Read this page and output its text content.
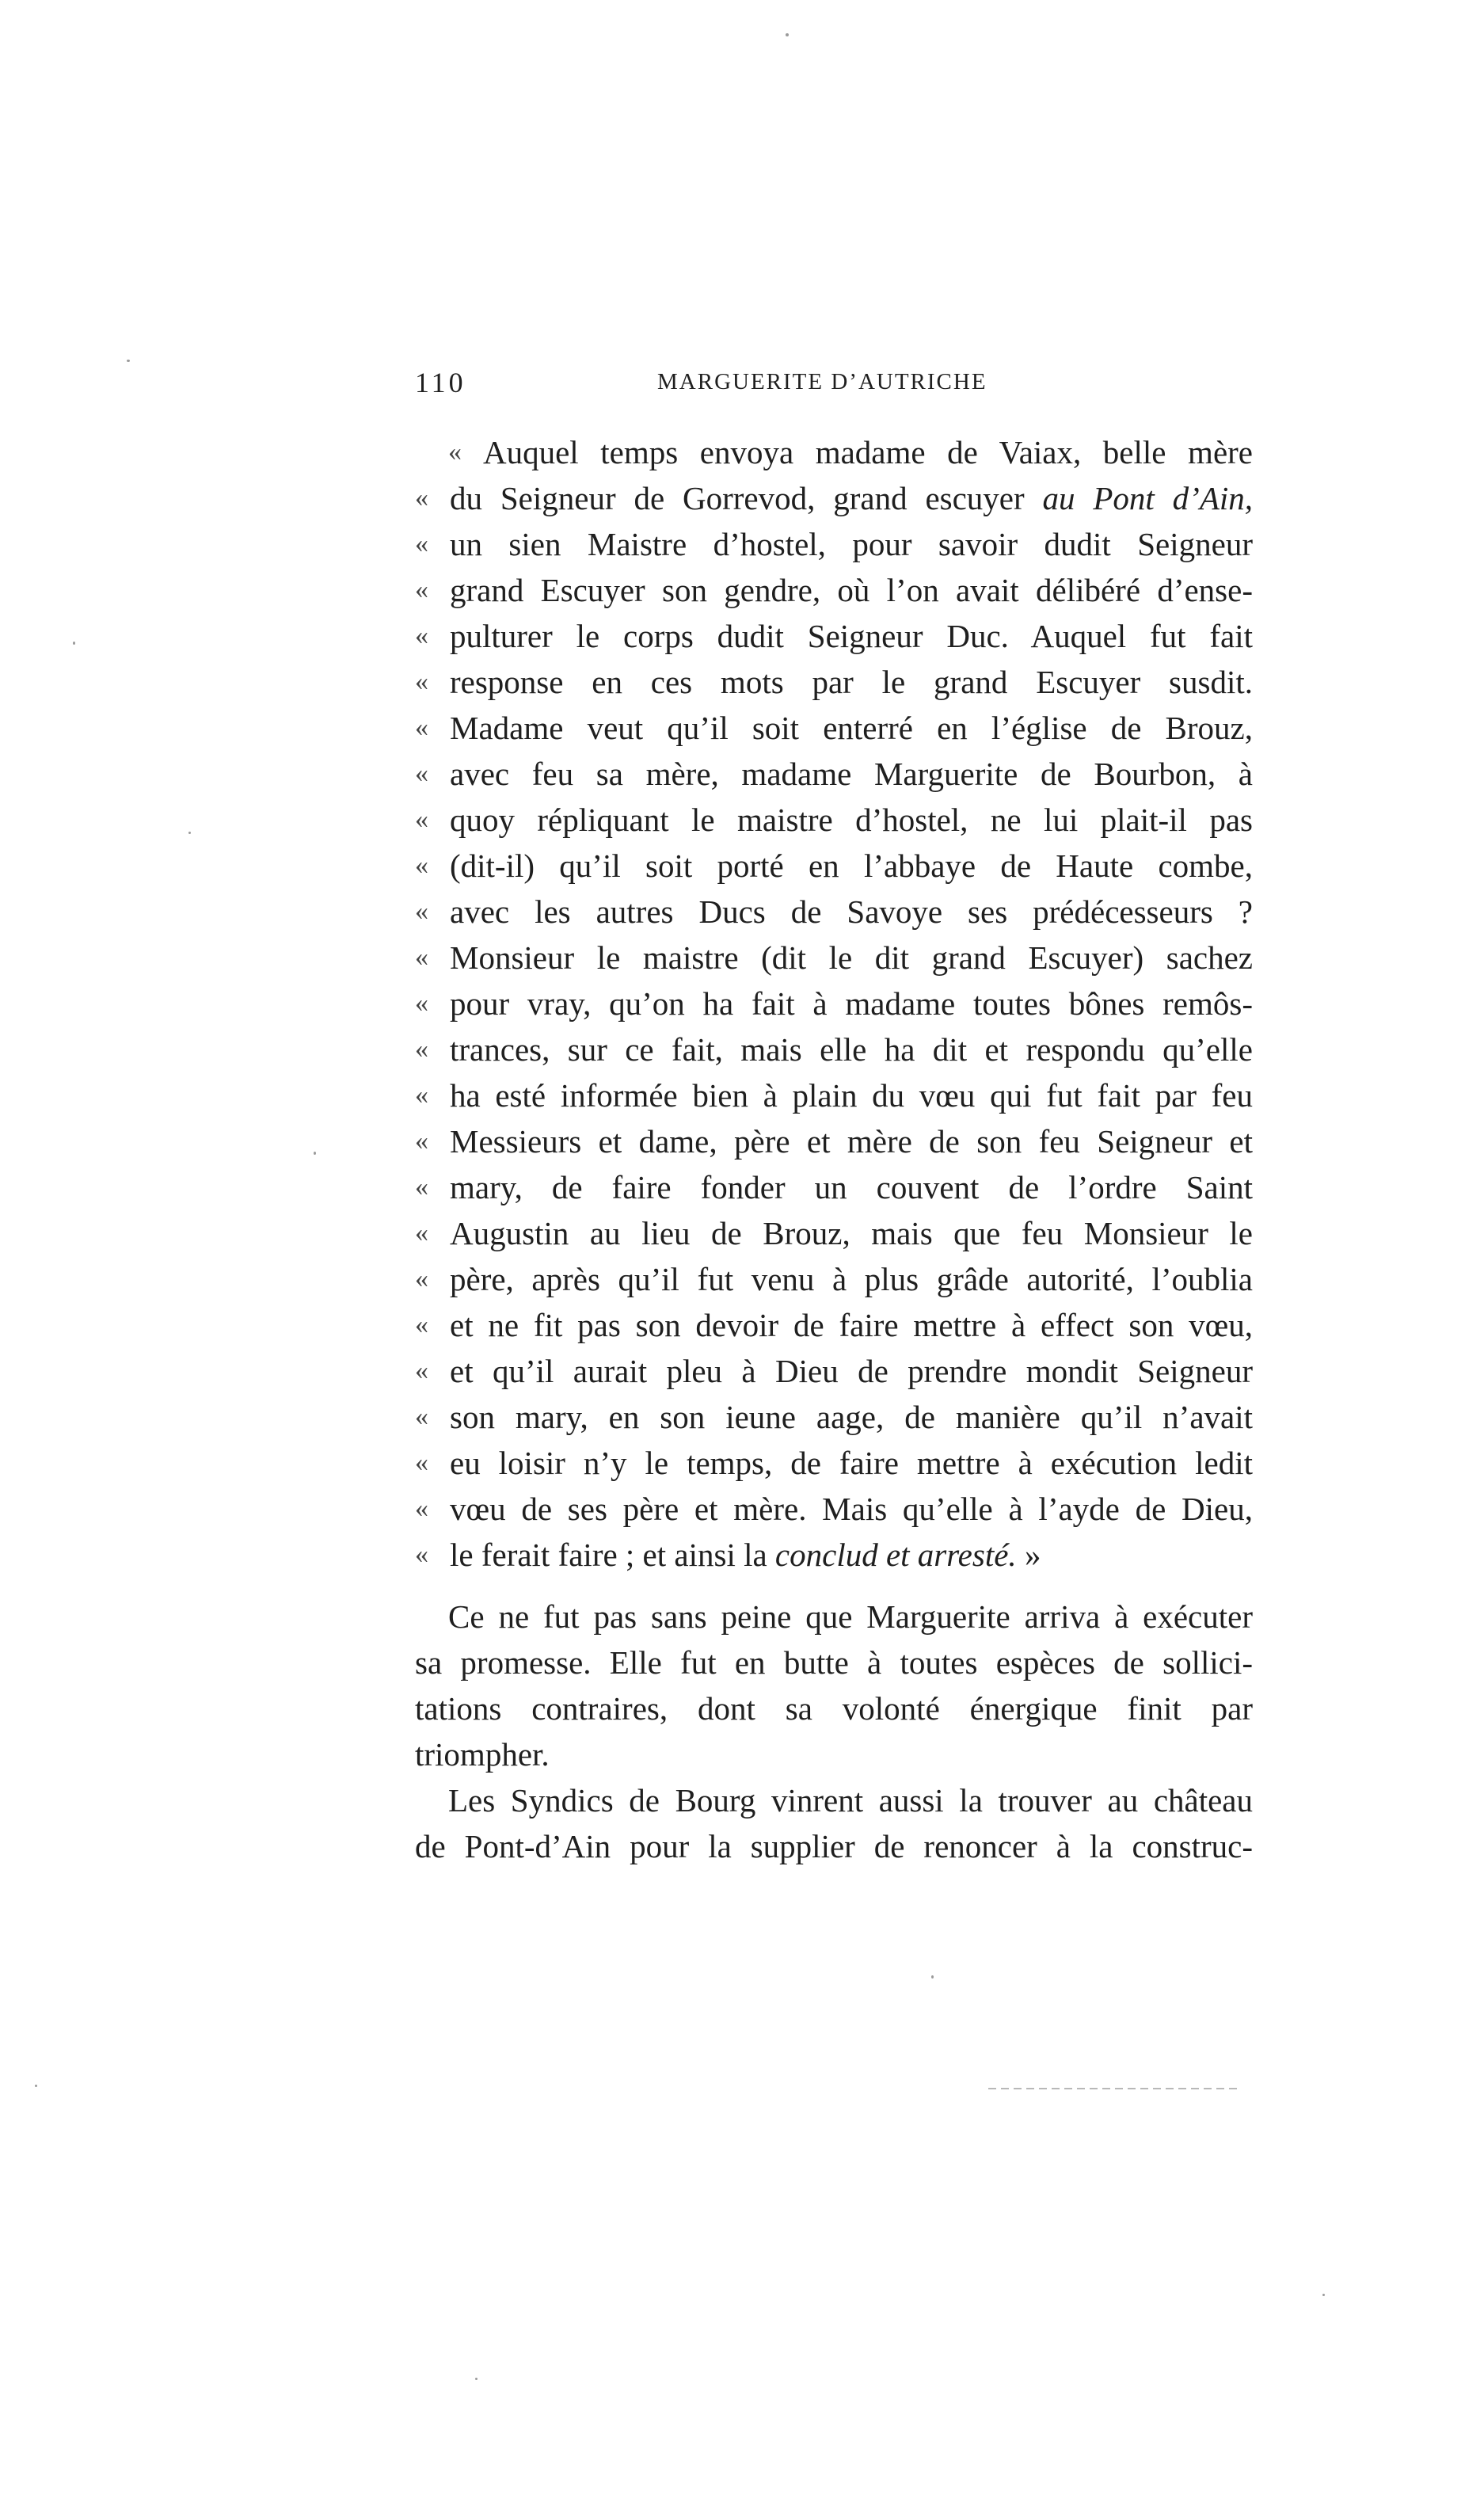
110	MARGUERITE D’AUTRICHE
« Auquel temps envoya madame de Vaiax, belle mère
« du Seigneur de Gorrevod, grand escuyer au Pont d’Ain,
« un sien Maistre d’hostel, pour savoir dudit Seigneur
« grand Escuyer son gendre, où l’on avait délibéré d’ense-
« pulturer le corps dudit Seigneur Duc. Auquel fut fait
« response en ces mots par le grand Escuyer susdit.
« Madame veut qu’il soit enterré en l’église de Brouz,
« avec feu sa mère, madame Marguerite de Bourbon, à
« quoy répliquant le maistre d’hostel, ne lui plait-il pas
« (dit-il) qu’il soit porté en l’abbaye de Haute combe,
« avec les autres Ducs de Savoye ses prédécesseurs ?
« Monsieur le maistre (dit le dit grand Escuyer) sachez
« pour vray, qu’on ha fait à madame toutes bônes remôs-
« trances, sur ce fait, mais elle ha dit et respondu qu’elle
« ha esté informée bien à plain du vœu qui fut fait par feu
« Messieurs et dame, père et mère de son feu Seigneur et
« mary, de faire fonder un couvent de l’ordre Saint
« Augustin au lieu de Brouz, mais que feu Monsieur le
« père, après qu’il fut venu à plus grâde autorité, l’oublia
« et ne fit pas son devoir de faire mettre à effect son vœu,
« et qu’il aurait pleu à Dieu de prendre mondit Seigneur
« son mary, en son ieune aage, de manière qu’il n’avait
« eu loisir n’y le temps, de faire mettre à exécution ledit
« vœu de ses père et mère. Mais qu’elle à l’ayde de Dieu,
« le ferait faire ; et ainsi la conclud et arresté. »
Ce ne fut pas sans peine que Marguerite arriva à exécuter
sa promesse. Elle fut en butte à toutes espèces de sollici-
tations contraires, dont sa volonté énergique finit par
triompher.
Les Syndics de Bourg vinrent aussi la trouver au château
de Pont-d’Ain pour la supplier de renoncer à la construc-
